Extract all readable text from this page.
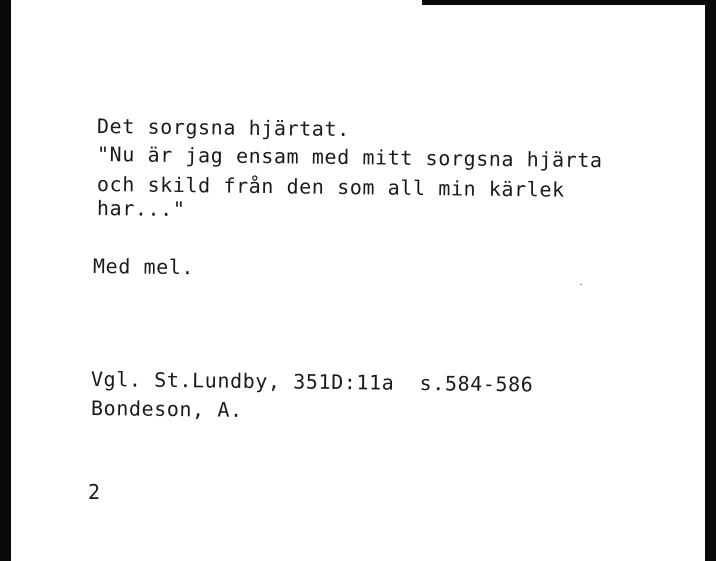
Det sorgsna hjärtat.

"Nu är jag ensam med mitt sorgsna hjärta

och skild från den som all min kärlek

har..."

Med mel.

Vgl. St.Lundby, 351D:11a  s.584-586

Bondeson, A.

2
